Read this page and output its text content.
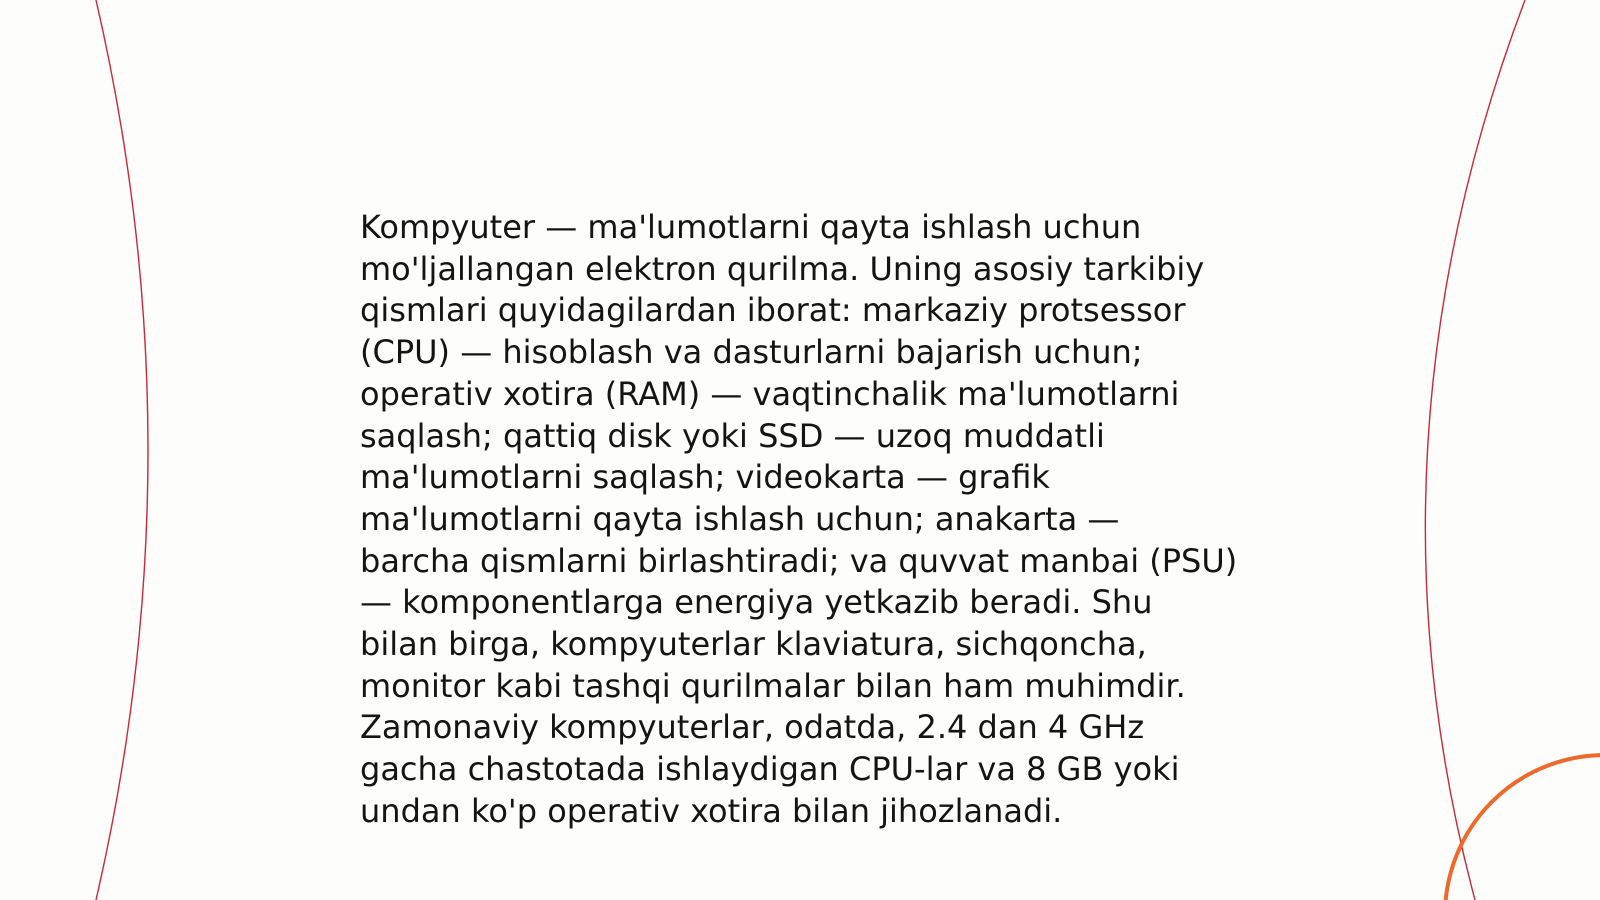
Kompyuter — ma'lumotlarni qayta ishlash uchun
mo'ljallangan elektron qurilma. Uning asosiy tarkibiy
qismlari quyidagilardan iborat: markaziy protsessor
(CPU) — hisoblash va dasturlarni bajarish uchun;
operativ xotira (RAM) — vaqtinchalik ma'lumotlarni
saqlash; qattiq disk yoki SSD — uzoq muddatli
ma'lumotlarni saqlash; videokarta — grafik
ma'lumotlarni qayta ishlash uchun; anakarta —
barcha qismlarni birlashtiradi; va quvvat manbai (PSU)
— komponentlarga energiya yetkazib beradi. Shu
bilan birga, kompyuterlar klaviatura, sichqoncha,
monitor kabi tashqi qurilmalar bilan ham muhimdir.
Zamonaviy kompyuterlar, odatda, 2.4 dan 4 GHz
gacha chastotada ishlaydigan CPU-lar va 8 GB yoki
undan ko'p operativ xotira bilan jihozlanadi.
